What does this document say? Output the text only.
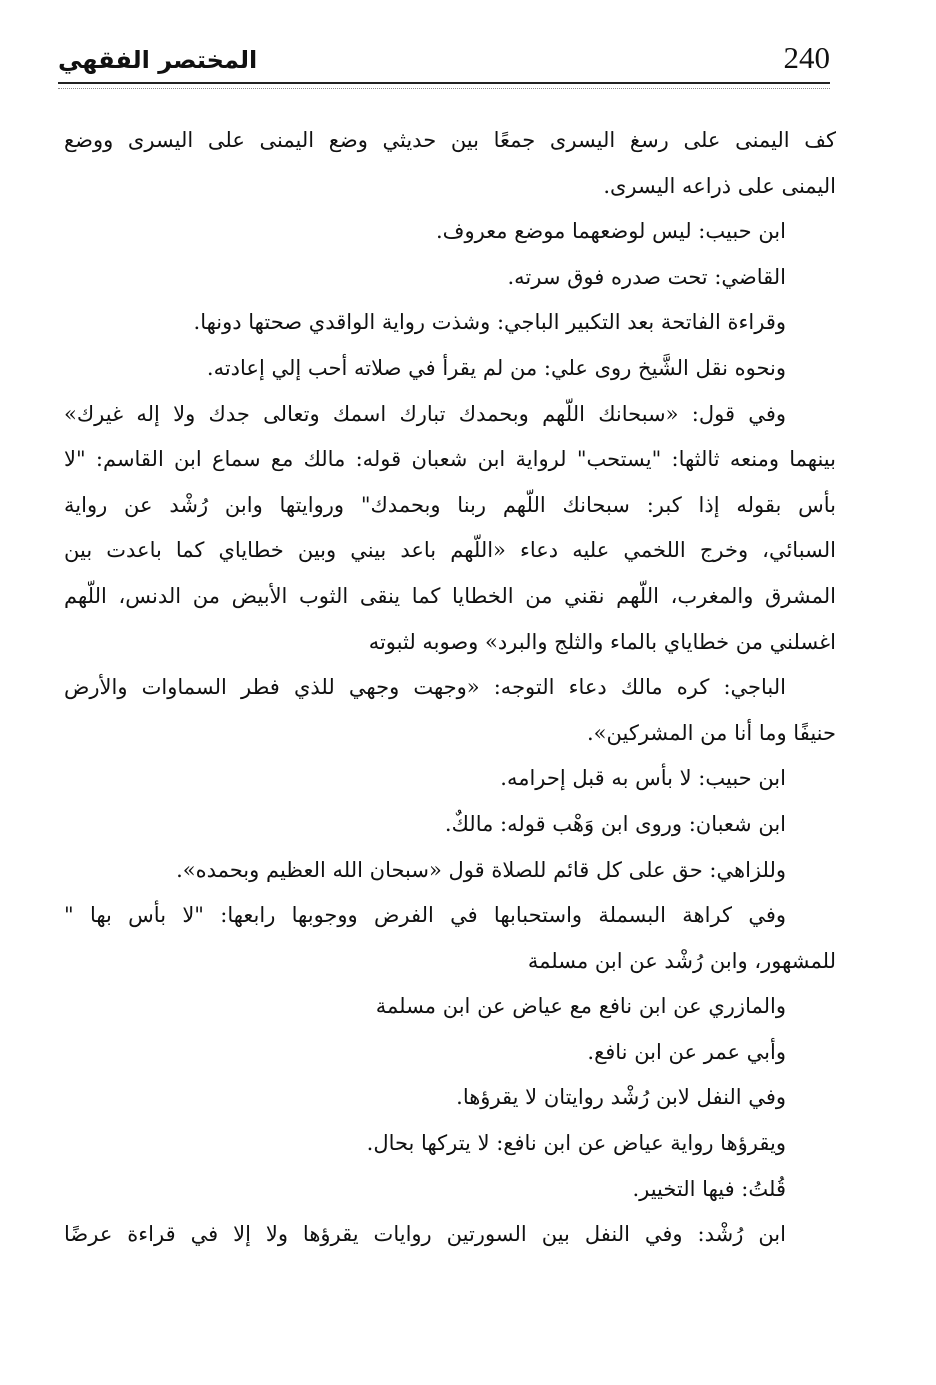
240
المختصر الفقهي
كف اليمنى على رسغ اليسرى جمعًا بين حديثي وضع اليمنى على اليسرى ووضع
اليمنى على ذراعه اليسرى.
ابن حبيب: ليس لوضعهما موضع معروف.
القاضي: تحت صدره فوق سرته.
وقراءة الفاتحة بعد التكبير الباجي: وشذت رواية الواقدي صحتها دونها.
ونحوه نقل الشَّيخ روى علي: من لم يقرأ في صلاته أحب إلي إعادته.
وفي قول: «سبحانك اللّهم وبحمدك تبارك اسمك وتعالى جدك ولا إله غيرك»
بينهما ومنعه ثالثها: "يستحب" لرواية ابن شعبان قوله: مالك مع سماع ابن القاسم: "لا
بأس بقوله إذا كبر: سبحانك اللّهم ربنا وبحمدك" وروايتها وابن رُشْد عن رواية
السبائي، وخرج اللخمي عليه دعاء «اللّهم باعد بيني وبين خطاياي كما باعدت بين
المشرق والمغرب، اللّهم نقني من الخطايا كما ينقى الثوب الأبيض من الدنس، اللّهم
اغسلني من خطاياي بالماء والثلج والبرد» وصوبه لثبوته
الباجي: كره مالك دعاء التوجه: «وجهت وجهي للذي فطر السماوات والأرض
حنيفًا وما أنا من المشركين».
ابن حبيب: لا بأس به قبل إحرامه.
ابن شعبان: وروى ابن وَهْب قوله: مالكٌ.
وللزاهي: حق على كل قائم للصلاة قول «سبحان الله العظيم وبحمده».
وفي كراهة البسملة واستحبابها في الفرض ووجوبها رابعها: "لا بأس بها "
للمشهور، وابن رُشْد عن ابن مسلمة
والمازري عن ابن نافع مع عياض عن ابن مسلمة
وأبي عمر عن ابن نافع.
وفي النفل لابن رُشْد روايتان لا يقرؤها.
ويقرؤها رواية عياض عن ابن نافع: لا يتركها بحال.
قُلتُ: فيها التخيير.
ابن رُشْد: وفي النفل بين السورتين روايات يقرؤها ولا إلا في قراءة عرضًا
